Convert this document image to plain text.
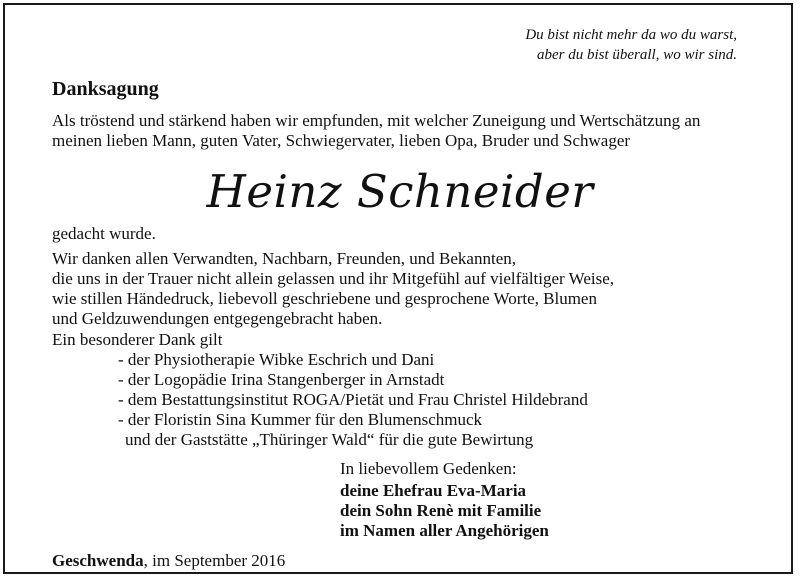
Du bist nicht mehr da wo du warst,
aber du bist überall, wo wir sind.
Danksagung
Als tröstend und stärkend haben wir empfunden, mit welcher Zuneigung und Wertschätzung an
meinen lieben Mann, guten Vater, Schwiegervater, lieben Opa, Bruder und Schwager
Heinz Schneider
gedacht wurde.
Wir danken allen Verwandten, Nachbarn, Freunden, und Bekannten,
die uns in der Trauer nicht allein gelassen und ihr Mitgefühl auf vielfältiger Weise,
wie stillen Händedruck, liebevoll geschriebene und gesprochene Worte, Blumen
und Geldzuwendungen entgegengebracht haben.
Ein besonderer Dank gilt
- der Physiotherapie Wibke Eschrich und Dani
- der Logopädie Irina Stangenberger in Arnstadt
- dem Bestattungsinstitut ROGA/Pietät und Frau Christel Hildebrand
- der Floristin Sina Kummer für den Blumenschmuck
und der Gaststätte „Thüringer Wald“ für die gute Bewirtung
In liebevollem Gedenken:
deine Ehefrau Eva-Maria
dein Sohn Renè mit Familie
im Namen aller Angehörigen
Geschwenda, im September 2016
